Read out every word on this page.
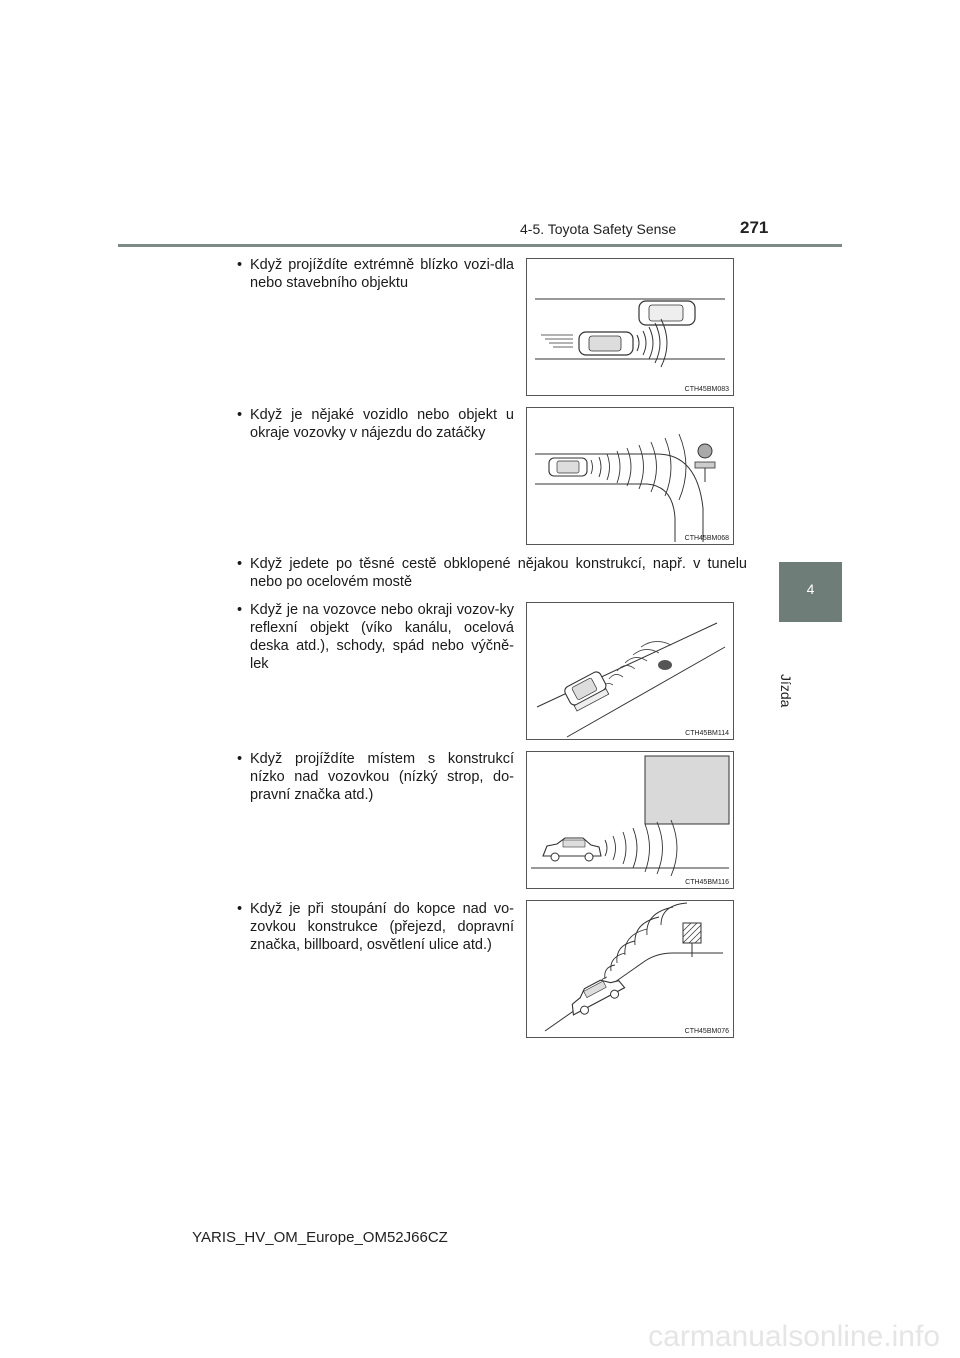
4-5. Toyota Safety Sense	271
4
Jízda
• Když projíždíte extrémně blízko vozi-dla nebo stavebního objektu
CTH45BM083
• Když je nějaké vozidlo nebo objekt u okraje vozovky v nájezdu do zatáčky
CTH45BM068
• Když jedete po těsné cestě obklopené nějakou konstrukcí, např. v tunelu nebo po ocelovém mostě
• Když je na vozovce nebo okraji vozov-ky reflexní objekt (víko kanálu, ocelová deska atd.), schody, spád nebo výčně-lek
CTH45BM114
• Když projíždíte místem s konstrukcí nízko nad vozovkou (nízký strop, do-pravní značka atd.)
CTH45BM116
• Když je při stoupání do kopce nad vo-zovkou konstrukce (přejezd, dopravní značka, billboard, osvětlení ulice atd.)
CTH45BM076
YARIS_HV_OM_Europe_OM52J66CZ
carmanualsonline.info
